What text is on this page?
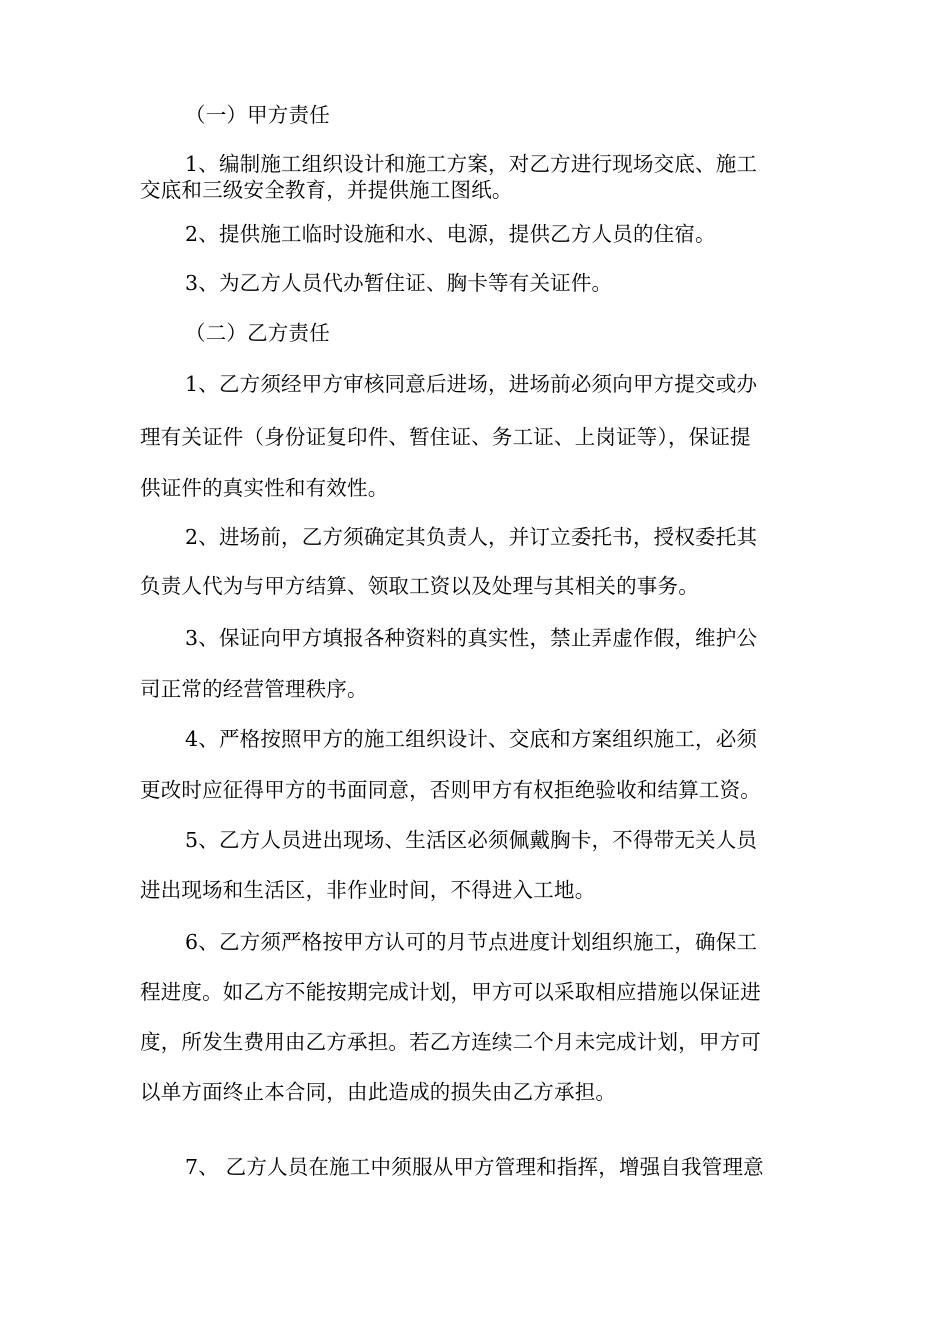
（一）甲方责任
1、编制施工组织设计和施工方案，对乙方进行现场交底、施工
交底和三级安全教育，并提供施工图纸。
2、提供施工临时设施和水、电源，提供乙方人员的住宿。
3、为乙方人员代办暂住证、胸卡等有关证件。
（二）乙方责任
1、乙方须经甲方审核同意后进场，进场前必须向甲方提交或办
理有关证件（身份证复印件、暂住证、务工证、上岗证等），保证提
供证件的真实性和有效性。
2、进场前，乙方须确定其负责人，并订立委托书，授权委托其
负责人代为与甲方结算、领取工资以及处理与其相关的事务。
3、保证向甲方填报各种资料的真实性，禁止弄虚作假，维护公
司正常的经营管理秩序。
4、严格按照甲方的施工组织设计、交底和方案组织施工，必须
更改时应征得甲方的书面同意，否则甲方有权拒绝验收和结算工资。
5、乙方人员进出现场、生活区必须佩戴胸卡，不得带无关人员
进出现场和生活区，非作业时间，不得进入工地。
6、乙方须严格按甲方认可的月节点进度计划组织施工，确保工
程进度。如乙方不能按期完成计划，甲方可以采取相应措施以保证进
度，所发生费用由乙方承担。若乙方连续二个月未完成计划，甲方可
以单方面终止本合同，由此造成的损失由乙方承担。
7、 乙方人员在施工中须服从甲方管理和指挥，增强自我管理意
